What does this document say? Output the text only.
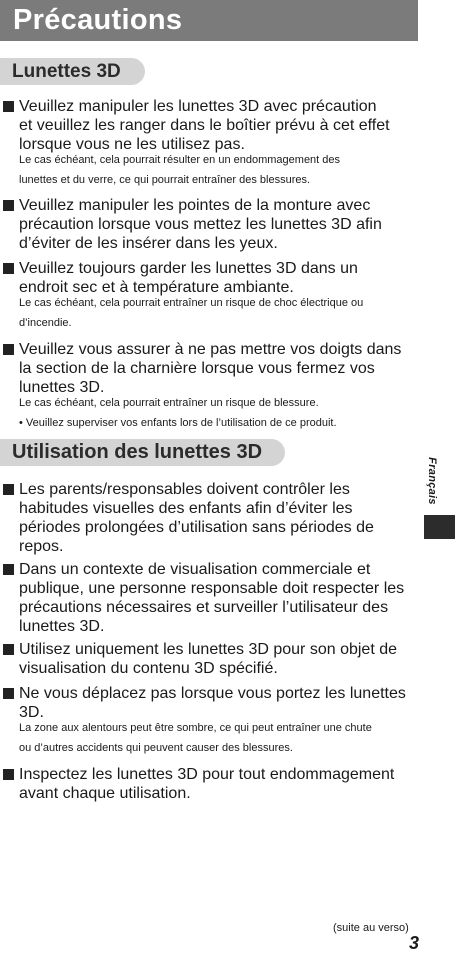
Précautions
Lunettes 3D
Veuillez manipuler les lunettes 3D avec précaution
et veuillez les ranger dans le boîtier prévu à cet effet
lorsque vous ne les utilisez pas.
Le cas échéant, cela pourrait résulter en un endommagement des
lunettes et du verre, ce qui pourrait entraîner des blessures.
Veuillez manipuler les pointes de la monture avec
précaution lorsque vous mettez les lunettes 3D afin
d’éviter de les insérer dans les yeux.
Veuillez toujours garder les lunettes 3D dans un
endroit sec et à température ambiante.
Le cas échéant, cela pourrait entraîner un risque de choc électrique ou
d’incendie.
Veuillez vous assurer à ne pas mettre vos doigts dans
la section de la charnière lorsque vous fermez vos
lunettes 3D.
Le cas échéant, cela pourrait entraîner un risque de blessure.
• Veuillez superviser vos enfants lors de l’utilisation de ce produit.
Utilisation des lunettes 3D
Les parents/responsables doivent contrôler les
habitudes visuelles des enfants afin d’éviter les
périodes prolongées d’utilisation sans périodes de
repos.
Dans un contexte de visualisation commerciale et
publique, une personne responsable doit respecter les
précautions nécessaires et surveiller l’utilisateur des
lunettes 3D.
Utilisez uniquement les lunettes 3D pour son objet de
visualisation du contenu 3D spécifié.
Ne vous déplacez pas lorsque vous portez les lunettes
3D.
La zone aux alentours peut être sombre, ce qui peut entraîner une chute
ou d’autres accidents qui peuvent causer des blessures.
Inspectez les lunettes 3D pour tout endommagement
avant chaque utilisation.
Français
(suite au verso)
3
